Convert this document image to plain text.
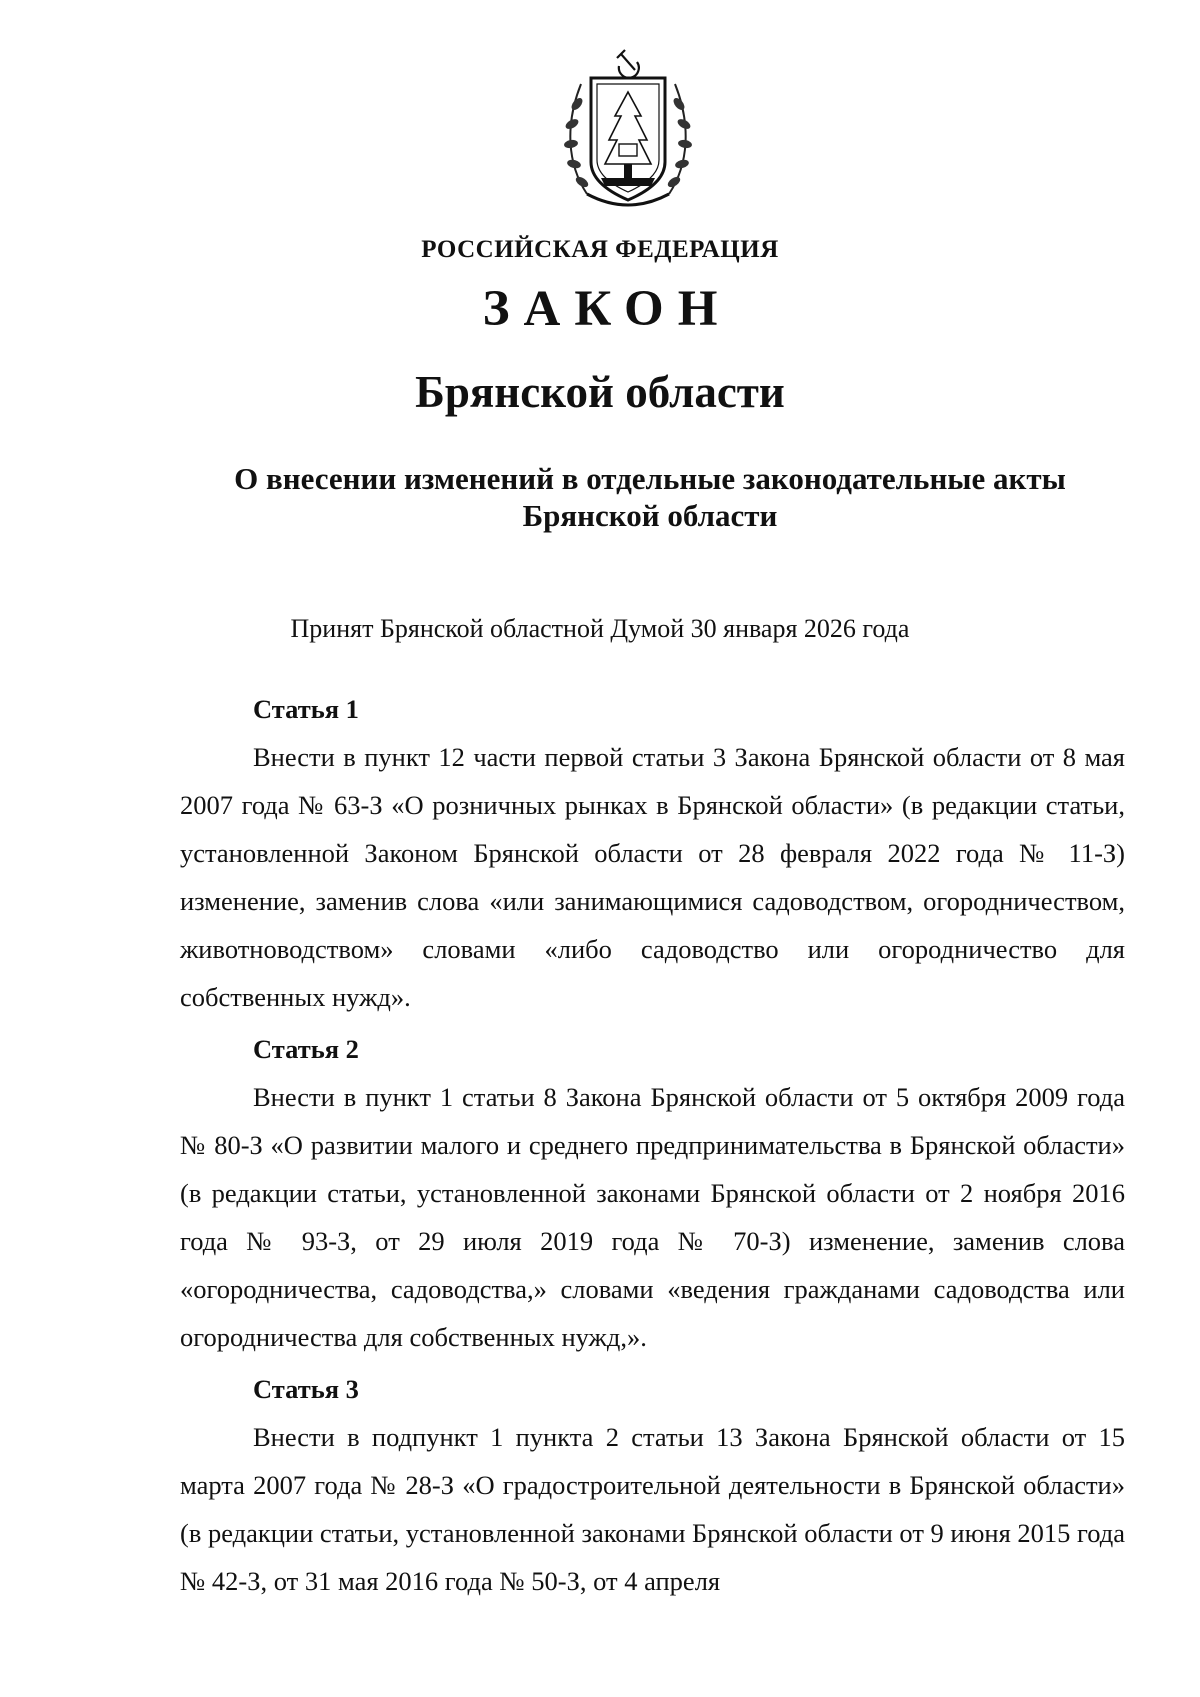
РОССИЙСКАЯ ФЕДЕРАЦИЯ
ЗАКОН
Брянской области
О внесении изменений в отдельные законодательные акты Брянской области
Принят Брянской областной Думой 30 января 2026 года

Статья 1

Внести в пункт 12 части первой статьи 3 Закона Брянской области от 8 мая 2007 года № 63-З «О розничных рынках в Брянской области» (в редакции статьи, установленной Законом Брянской области от 28 февраля 2022 года № 11-З) изменение, заменив слова «или занимающимися садоводством, огородничеством, животноводством» словами «либо садоводство или огородничество для собственных нужд».

Статья 2

Внести в пункт 1 статьи 8 Закона Брянской области от 5 октября 2009 года № 80-З «О развитии малого и среднего предпринимательства в Брянской области» (в редакции статьи, установленной законами Брянской области от 2 ноября 2016 года № 93-З, от 29 июля 2019 года № 70-З) изменение, заменив слова «огородничества, садоводства,» словами «ведения гражданами садоводства или огородничества для собственных нужд,».

Статья 3

Внести в подпункт 1 пункта 2 статьи 13 Закона Брянской области от 15 марта 2007 года № 28-З «О градостроительной деятельности в Брянской области» (в редакции статьи, установленной законами Брянской области от 9 июня 2015 года № 42-З, от 31 мая 2016 года № 50-З, от 4 апреля
